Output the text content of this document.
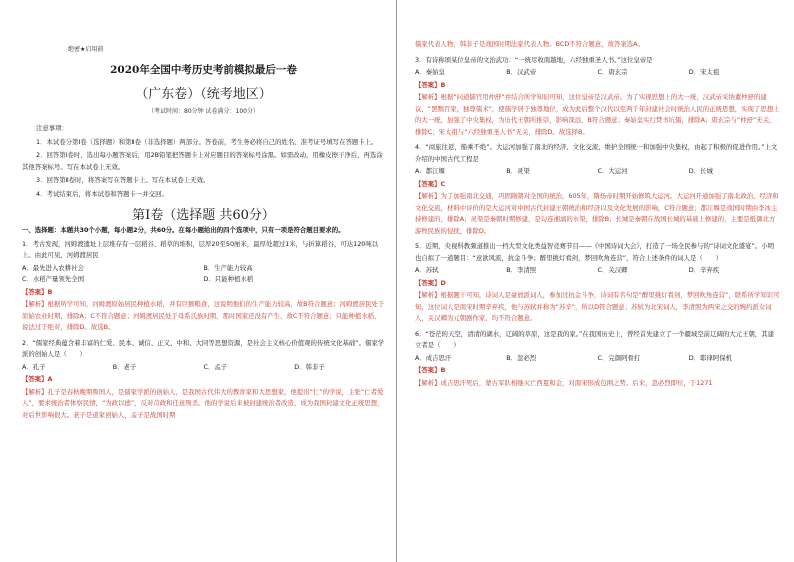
绝密★启用前
2020年全国中考历史考前模拟最后一卷
（广东卷）（统考地区）
（考试时间：80分钟 试卷满分：100分）

注意事项：

1．本试卷分第Ⅰ卷（选择题）和第Ⅱ卷（非选择题）两部分。答卷前，考生务必将自己的姓名、准考证号填写在答题卡上。

2．回答第Ⅰ卷时，选出每小题答案后，用2B铅笔把答题卡上对应题目的答案标号涂黑。如需改动，用橡皮擦干净后，再选涂其他答案标号。写在本试卷上无效。

3．回答第Ⅱ卷时，将答案写在答题卡上。写在本试卷上无效。

4．考试结束后，将本试卷和答题卡一并交回。

第Ⅰ卷（选择题 共60分）

一、选择题：本题共30个小题，每小题2分，共60分。在每小题给出的四个选项中，只有一项是符合题目要求的。

1．考古发现，河姆渡遗址上层堆存有一层稻谷、稻草的堆积，层厚20至50厘米，最厚处超过1米，与折算稻谷，可达120吨以上。由此可见，河姆渡居民

A．最先进入农耕社会	B．生产能力较高
C．水稻产量领先全国	D．只能种植水稻

【答案】B

【解析】根据所学可知，河姆渡原始居民种植水稻，并有巨额粮食，这说明他们的生产能力较高，故B符合题意；河姆渡居民处于原始农业时期，排除A；C不符合题意；河姆渡居民处于母系氏族时期，那时国家还没有产生，故C不符合题意；只能种植水稻，说法过于绝对，排除D。故选B。

2．“儒家经典蕴含着丰富的仁爱、民本、诚信、正义、中和、大同等思想资源，是社会主义核心价值观的传统文化基础”。儒家学派的创始人是（　　）

A．孔子	B．老子	C．孟子	D．韩非子

【答案】A

【解析】孔子是春秋晚期鲁国人，是儒家学派的创始人，是我国古代伟大的教育家和大思想家，他提出“仁”的学说，主张“仁者爱人”，要求统治者体察民情，“为政以德”，反对苛政和任意刑杀。他的学说后来被封建统治者改造，成为我国封建文化正统思想，对后世影响很大。老子是道家创始人，孟子是战国时期

儒家代表人物，韩非子是战国时期法家代表人物。BCD不符合题意，故答案选A。

3．有诗称颂某位皇帝的文治武功：“一统尽收南越地，六经独重圣人书。”这位皇帝是

A．秦始皇	B．汉武帝	C．唐玄宗	D．宋太祖

【答案】B

【解析】根据“问道儒官用仲舒”并结合所学知识可知，这位皇帝是汉武帝。为了实现思想上的大一统，汉武帝采纳董仲舒的建议，“罢黜百家，独尊儒术”，使儒学居于独尊地位，成为此后整个汉代以至两千年封建社会时统治人民的正统思想，实现了思想上的大一统，加强了中央集权，为历代王朝所推崇，影响深远，B符合题意；秦始皇实行焚书坑儒，排除A；唐玄宗与“仲舒”无关，排除C；宋太祖与“六经独重圣人书”无关，排除D。故选择B。

4．“商旅往返，船乘不绝”。大运河加强了南北的经济、文化交流，维护全国统一和加强中央集权，由起了积极的促进作用。”上文介绍的中国古代工程是

A．都江堰	B．灵渠	C．大运河	D．长城

【答案】C

【解析】为了加强南北交通，巩固隋朝对全国的统治，605年，隋炀帝时期开始修筑大运河。大运河开通加强了南北政治、经济和文化交流，材料中评价的是大运河对中国古代封建王朝统治和经济以及文化发展的影响，C符合题意；都江堰是战国时期由李冰主持修建的，排除A；灵渠是秦朝时期修建，是勾连湘漓的水渠，排除B；长城是秦朝在战国长城的基础上修建的，主要是抵御北方游牧民族的侵扰，排除D。

5．近期，央视科教频道推出一档大型文化类益智竞赛节目——《中国诗词大会》，打造了一场全民参与的“诗词文化盛宴”。小明也自拟了一道题目：“意欲风流，抗金斗争；醉里挑灯看剑，梦回吹角连营”，符合上述条件的词人是（　　）

A．苏轼	B．李清照	C．关汉卿	D．辛弃疾

【答案】D

【解析】根据题干可知，诗词人是豪放派词人，参加过抗金斗争，诗词有名句是“醉里挑灯看剑，梦回吹角连营”，联系所学知识可知，这位词人是南宋时期辛弃疾，他与苏轼并称为“苏辛”，所以D符合题意；苏轼为北宋词人，李清照为两宋之交的婉约派女词人，关汉卿为元朝剧作家，均不符合题意。

6．“苍茫的天空，清清的湖水，辽阔的草原，这是我的家。”在我国历史上，曾经首先建立了一个疆域空前辽阔的大元王朝，其建立者是（　　）

A．成吉思汗	B．忽必烈	C．完颜阿骨打	D．耶律阿保机

【答案】B

【解析】成吉思汗死后，蒙古军队相继灭亡西夏和金，对南宋形成包围之势。后来，忽必烈即位，于1271
